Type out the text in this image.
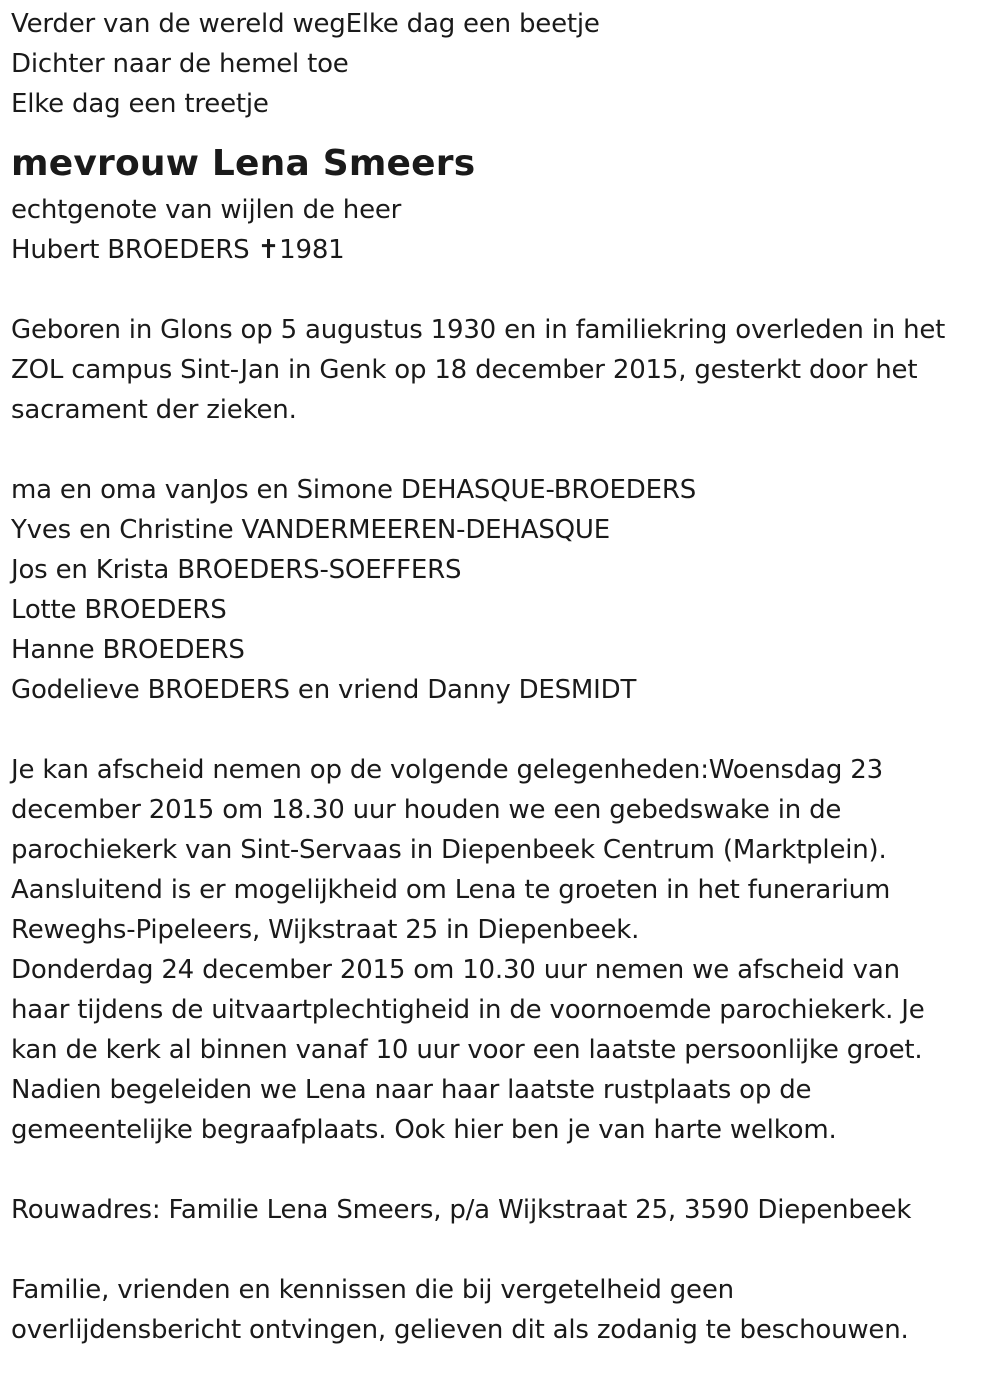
Verder van de wereld wegElke dag een beetje
Dichter naar de hemel toe
Elke dag een treetje
mevrouw Lena Smeers
echtgenote van wijlen de heer
Hubert BROEDERS ✝1981
Geboren in Glons op 5 augustus 1930 en in familiekring overleden in het
ZOL campus Sint-Jan in Genk op 18 december 2015, gesterkt door het
sacrament der zieken.
ma en oma vanJos en Simone DEHASQUE-BROEDERS
Yves en Christine VANDERMEEREN-DEHASQUE
Jos en Krista BROEDERS-SOEFFERS
Lotte BROEDERS
Hanne BROEDERS
Godelieve BROEDERS en vriend Danny DESMIDT
Je kan afscheid nemen op de volgende gelegenheden:Woensdag 23
december 2015 om 18.30 uur houden we een gebedswake in de
parochiekerk van Sint-Servaas in Diepenbeek Centrum (Marktplein).
Aansluitend is er mogelijkheid om Lena te groeten in het funerarium
Reweghs-Pipeleers, Wijkstraat 25 in Diepenbeek.
Donderdag 24 december 2015 om 10.30 uur nemen we afscheid van
haar tijdens de uitvaartplechtigheid in de voornoemde parochiekerk. Je
kan de kerk al binnen vanaf 10 uur voor een laatste persoonlijke groet.
Nadien begeleiden we Lena naar haar laatste rustplaats op de
gemeentelijke begraafplaats. Ook hier ben je van harte welkom.
Rouwadres: Familie Lena Smeers, p/a Wijkstraat 25, 3590 Diepenbeek
Familie, vrienden en kennissen die bij vergetelheid geen
overlijdensbericht ontvingen, gelieven dit als zodanig te beschouwen.
